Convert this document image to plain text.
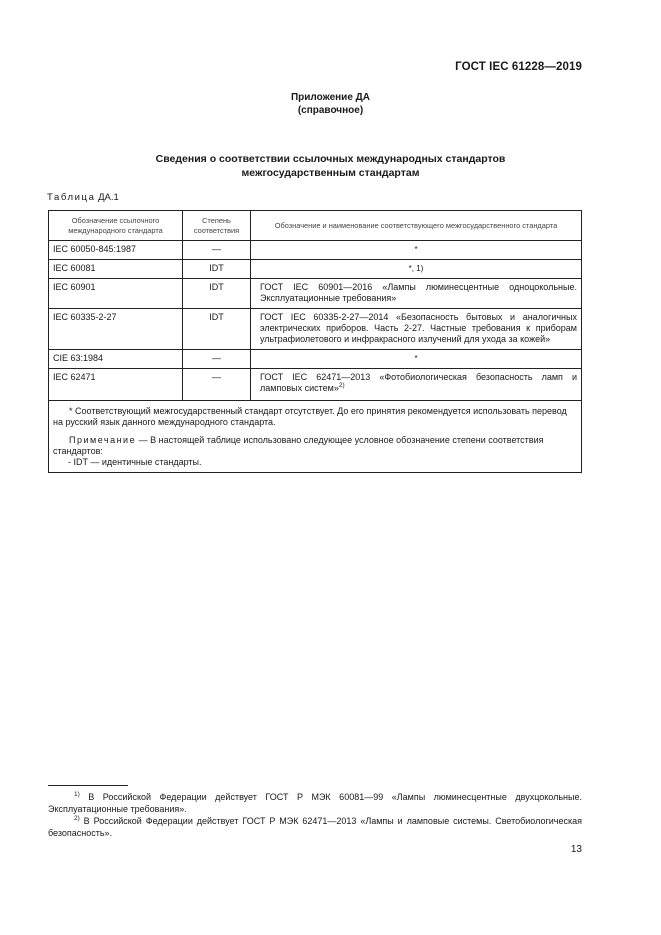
ГОСТ IEC 61228—2019
Приложение ДА
(справочное)
Сведения о соответствии ссылочных международных стандартов
межгосударственным стандартам
Таблица ДА.1
Обозначение ссылочного международного стандарта	Степень соответствия	Обозначение и наименование соответствующего межгосударственного стандарта
IEC 60050-845:1987	—	*
IEC 60081	IDT	*, 1)
IEC 60901	IDT	ГОСТ IEC 60901—2016 «Лампы люминесцентные одноцокольные. Эксплуатационные требования»
IEC 60335-2-27	IDT	ГОСТ IEC 60335-2-27—2014 «Безопасность бытовых и аналогичных электрических приборов. Часть 2-27. Частные требования к приборам ультрафиолетового и инфракрасного излучений для ухода за кожей»
CIE 63:1984	—	*
IEC 62471	—	ГОСТ IEC 62471—2013 «Фотобиологическая безопасность ламп и ламповых систем»$^{2)}$

* Соответствующий межгосударственный стандарт отсутствует. До его принятия рекомендуется использовать перевод на русский язык данного международного стандарта.

Примечание — В настоящей таблице использовано следующее условное обозначение степени соответствия стандартов:

- IDT — идентичные стандарты.		

$^{1)}$ В Российской Федерации действует ГОСТ Р МЭК 60081—99 «Лампы люминесцентные двухцокольные. Эксплуатационные требования».
$^{2)}$ В Российской Федерации действует ГОСТ Р МЭК 62471—2013 «Лампы и ламповые системы. Светобиологическая безопасность».
13
